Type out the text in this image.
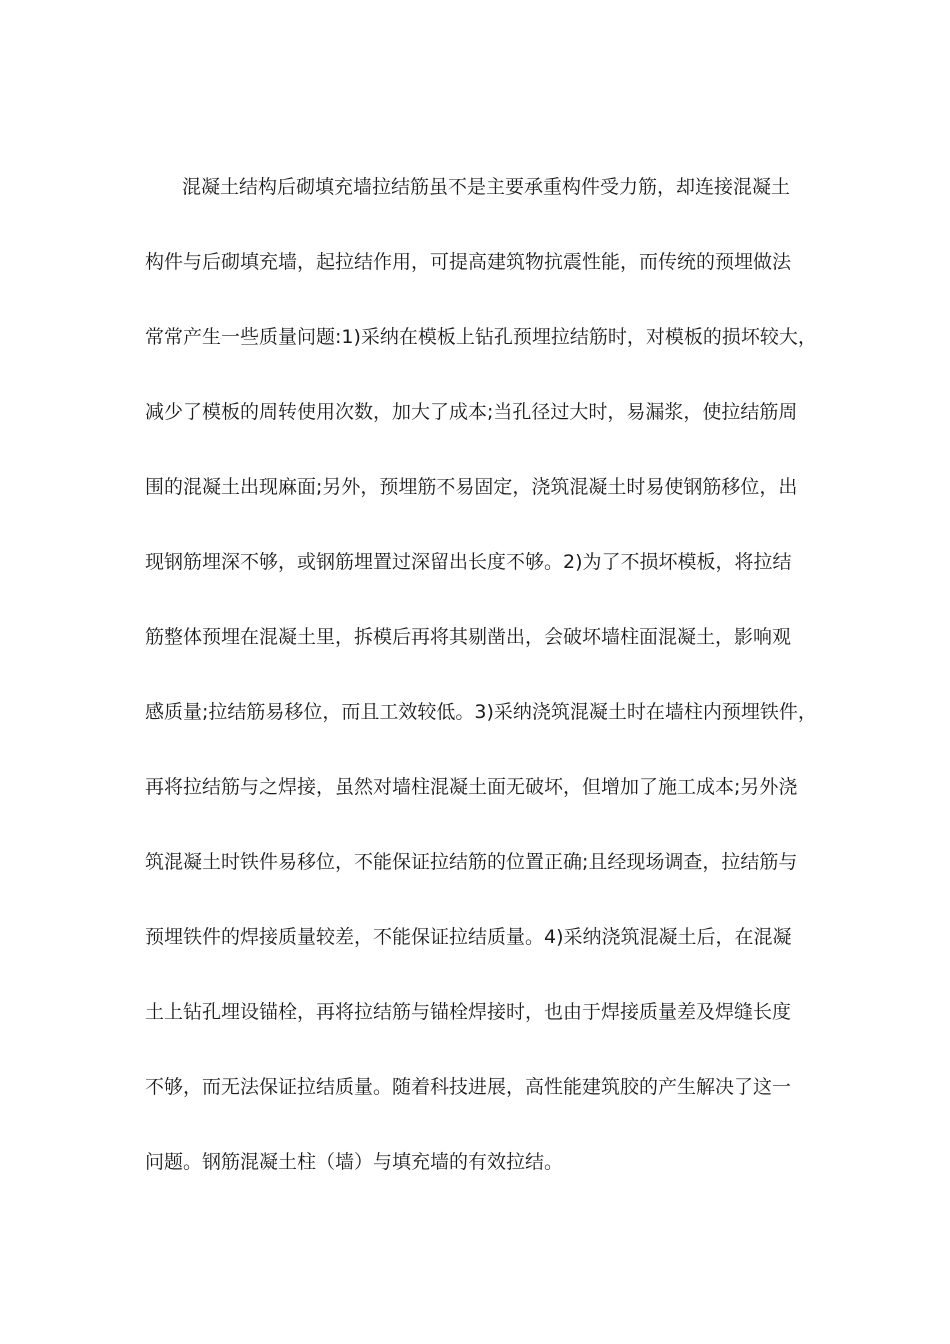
混凝土结构后砌填充墙拉结筋虽不是主要承重构件受力筋，却连接混凝土
构件与后砌填充墙，起拉结作用，可提高建筑物抗震性能，而传统的预埋做法
常常产生一些质量问题:1)采纳在模板上钻孔预埋拉结筋时，对模板的损坏较大，
减少了模板的周转使用次数，加大了成本;当孔径过大时，易漏浆，使拉结筋周
围的混凝土出现麻面;另外，预埋筋不易固定，浇筑混凝土时易使钢筋移位，出
现钢筋埋深不够，或钢筋埋置过深留出长度不够。2)为了不损坏模板，将拉结
筋整体预埋在混凝土里，拆模后再将其剔凿出，会破坏墙柱面混凝土，影响观
感质量;拉结筋易移位，而且工效较低。3)采纳浇筑混凝土时在墙柱内预埋铁件，
再将拉结筋与之焊接，虽然对墙柱混凝土面无破坏，但增加了施工成本;另外浇
筑混凝土时铁件易移位，不能保证拉结筋的位置正确;且经现场调查，拉结筋与
预埋铁件的焊接质量较差，不能保证拉结质量。4)采纳浇筑混凝土后，在混凝
土上钻孔埋设锚栓，再将拉结筋与锚栓焊接时，也由于焊接质量差及焊缝长度
不够，而无法保证拉结质量。随着科技进展，高性能建筑胶的产生解决了这一
问题。钢筋混凝土柱（墙）与填充墙的有效拉结。
